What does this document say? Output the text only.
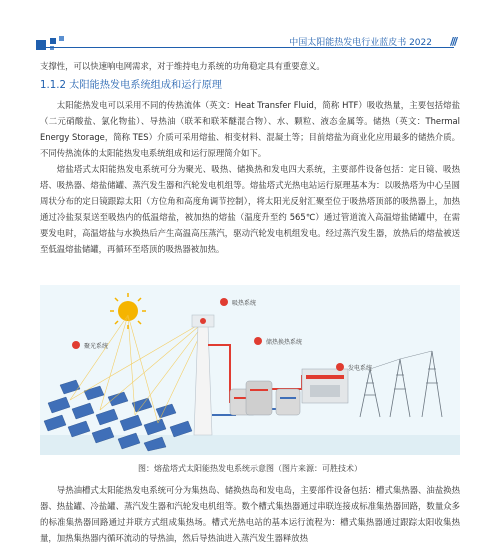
中国太阳能热发电行业蓝皮书 2022 ///

支撑性，可以快速响电网需求，对于维持电力系统的功角稳定具有重要意义。

1.1.2 太阳能热发电系统组成和运行原理

太阳能热发电可以采用不同的传热流体（英文：Heat Transfer Fluid，简称 HTF）吸收热量，主要包括熔盐（二元硝酸盐、氯化物盐）、导热油（联苯和联苯醚混合物）、水、颗粒、液态金属等。储热（英文：Thermal Energy Storage，简称 TES）介质可采用熔盐、相变材料、混凝土等；目前熔盐为商业化应用最多的储热介质。不同传热流体的太阳能热发电系统组成和运行原理简介如下。

熔盐塔式太阳能热发电系统可分为聚光、吸热、储换热和发电四大系统，主要部件设备包括：定日镜、吸热塔、吸热器、熔盐储罐、蒸汽发生器和汽轮发电机组等。熔盐塔式光热电站运行原理基本为：以吸热塔为中心呈圆周状分布的定日镜跟踪太阳（方位角和高度角调节控制），将太阳光反射汇聚至位于吸热塔顶部的吸热器上，加热通过冷盐泵泵送至吸热内的低温熔盐，被加热的熔盐（温度升至约 565℃）通过管道流入高温熔盐储罐中，在需要发电时，高温熔盐与水换热后产生高温高压蒸汽，驱动汽轮发电机组发电。经过蒸汽发生器，放热后的熔盐被送至低温熔盐储罐，再循环至塔顶的吸热器被加热。

吸热系统
聚光系统
储热换热系统
发电系统
图：熔盐塔式太阳能热发电系统示意图（图片来源：可胜技术）

导热油槽式太阳能热发电系统可分为集热岛、储换热岛和发电岛，主要部件设备包括：槽式集热器、油盐换热器、热盐罐、冷盐罐、蒸汽发生器和汽轮发电机组等。数个槽式集热器通过串联连接成标准集热器回路，数量众多的标准集热器回路通过并联方式组成集热场。槽式光热电站的基本运行流程为：槽式集热器通过跟踪太阳收集热量，加热集热器内循环流动的导热油，然后导热油进入蒸汽发生器释放热
